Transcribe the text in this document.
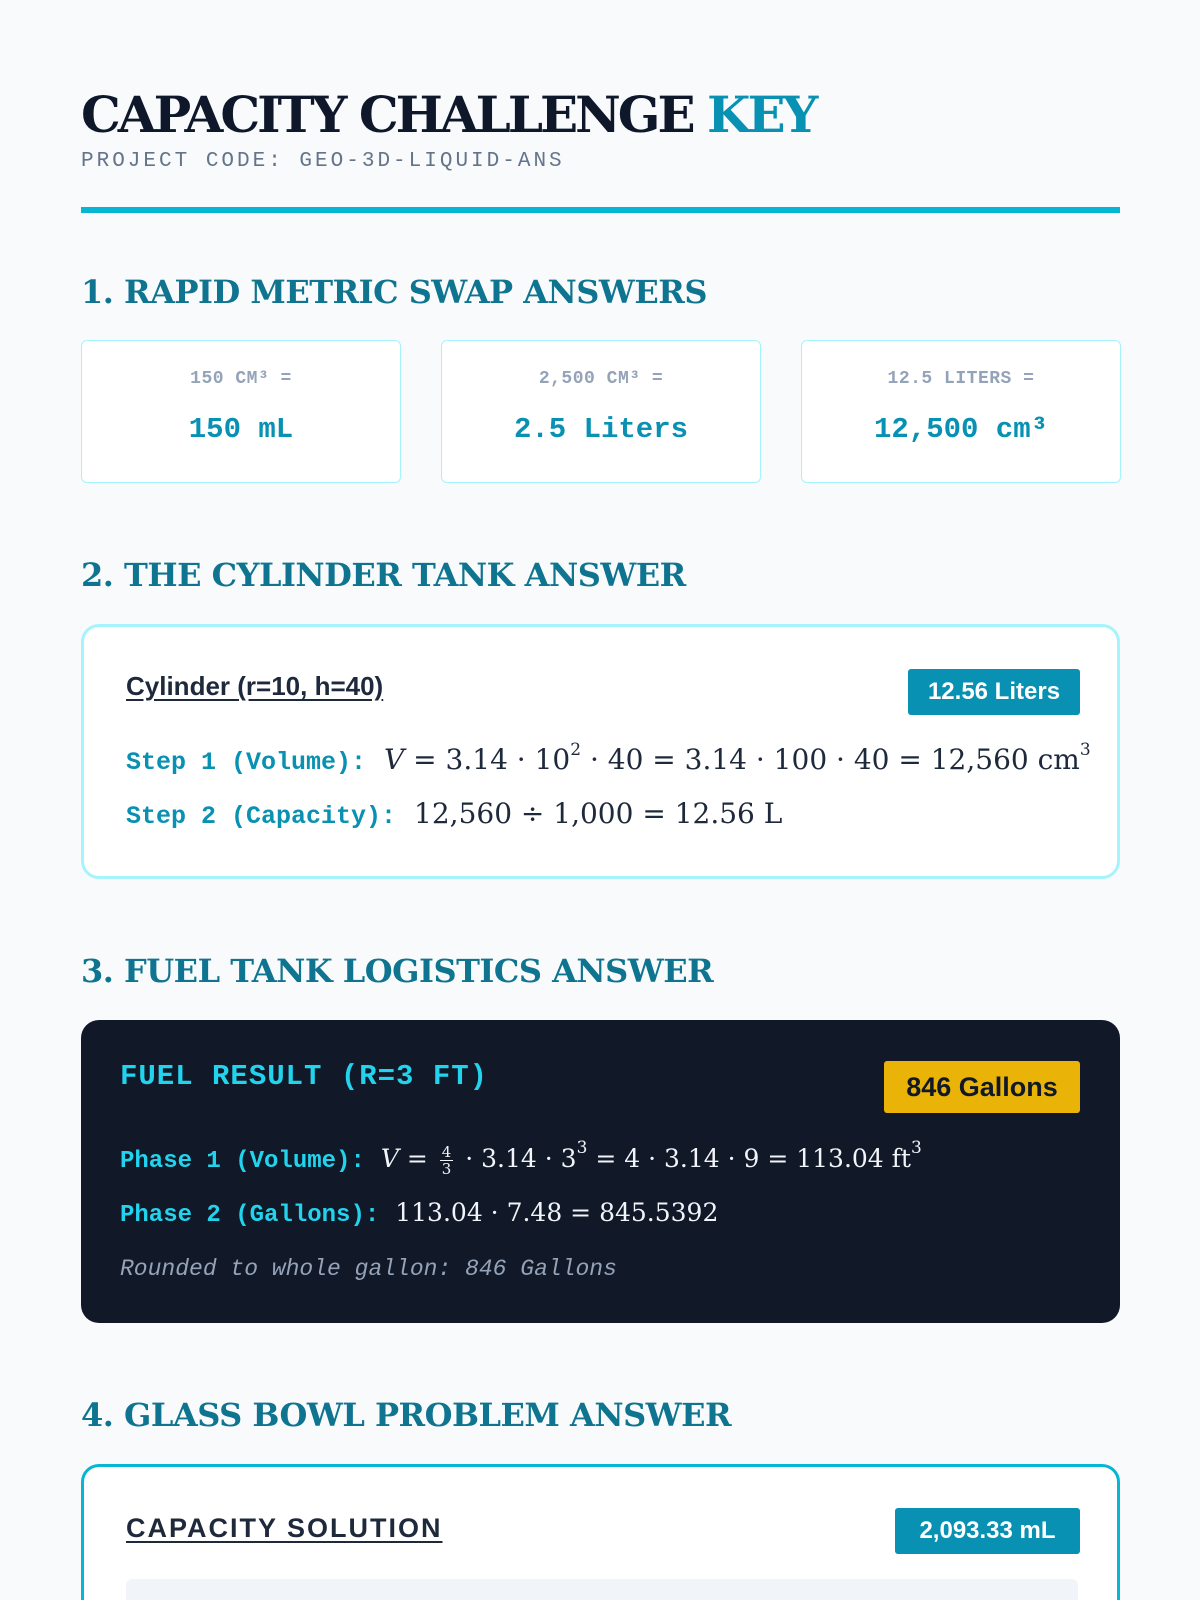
CAPACITY CHALLENGE KEY
PROJECT CODE: GEO-3D-LIQUID-ANS
1. RAPID METRIC SWAP ANSWERS
150 CM³ =
150 mL
2,500 CM³ =
2.5 Liters
12.5 LITERS =
12,500 cm³
2. THE CYLINDER TANK ANSWER
Cylinder (r=10, h=40)	12.56 Liters
Step 1 (Volume): $V = 3.14 \cdot 10^2 \cdot 40 = 3.14 \cdot 100 \cdot 40 = 12,560$ $cm^3$
Step 2 (Capacity): 12,560 ÷ 1,000 = 12.56 L
3. FUEL TANK LOGISTICS ANSWER
FUEL RESULT (R=3 FT)	846 Gallons
Phase 1 (Volume): $V = \frac{4}{3} \cdot 3.14 \cdot 3^3 = 4 \cdot 3.14 \cdot 9 = 113.04$ $ft^3$
Phase 2 (Gallons): 113.04 · 7.48 = 845.5392
Rounded to whole gallon: 846 Gallons
4. GLASS BOWL PROBLEM ANSWER
CAPACITY SOLUTION	2,093.33 mL
